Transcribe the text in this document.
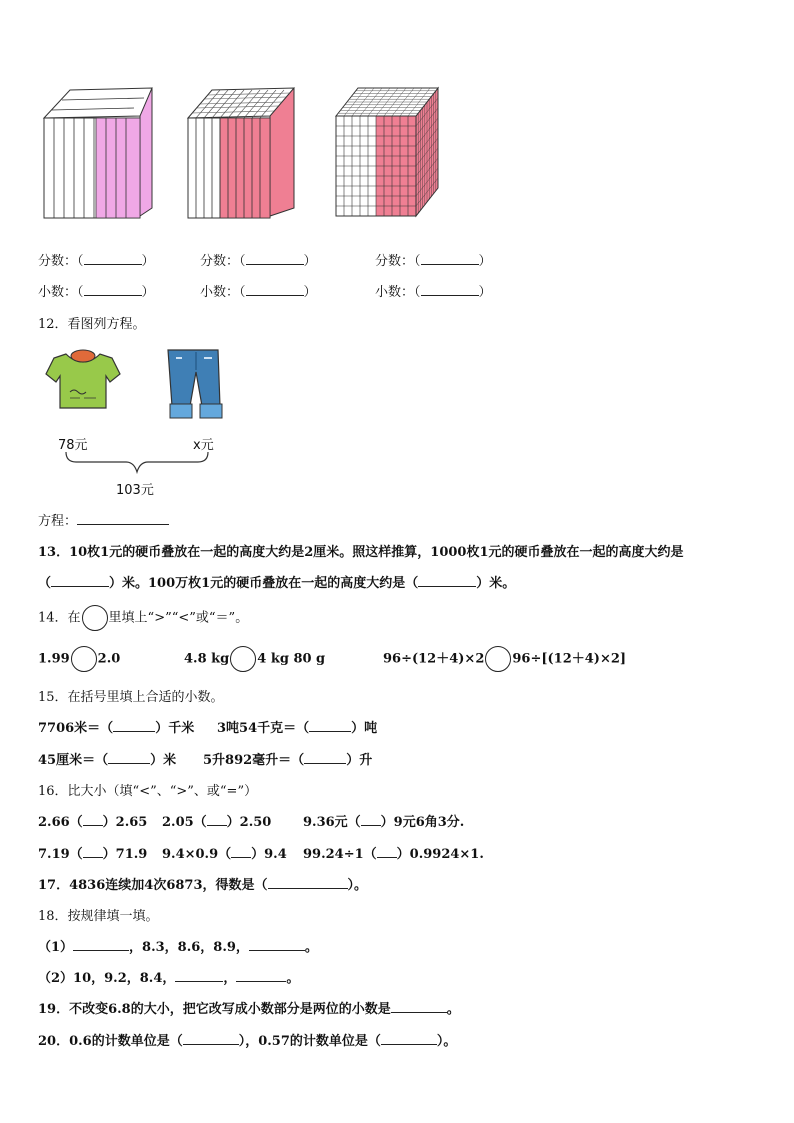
分数：（	）	分数：（	）	分数：（	）
小数：（	）	小数：（	）	小数：（	）
12．看图列方程。
78元	x元
103元
方程：
13．10枚1元的硬币叠放在一起的高度大约是2厘米。照这样推算，1000枚1元的硬币叠放在一起的高度大约是
（	）米。100万枚1元的硬币叠放在一起的高度大约是（	）米。
14．在 里填上“>”“<”或“＝”。
1.99 2.0	4.8 kg 4 kg 80 g	96÷(12＋4)×2 96÷[(12＋4)×2]
15．在括号里填上合适的小数。
7706米＝（	）千米 3吨54千克＝（	）吨
45厘米＝（	）米 5升892毫升＝（	）升
16．比大小（填“<”、“>”、或“=”）
2.66（ ）2.65 2.05（ ）2.50 9.36元（ ）9元6角3分.
7.19（ ）71.9 9.4×0.9（ ）9.4 99.24÷1（ ）0.9924×1.
17．4836连续加4次6873，得数是（	）。
18．按规律填一填。
（1）	，8.3，8.6，8.9，	。
（2）10，9.2，8.4，	，	。
19．不改变6.8的大小，把它改写成小数部分是两位的小数是	。
20．0.6的计数单位是（	），0.57的计数单位是（	）。
